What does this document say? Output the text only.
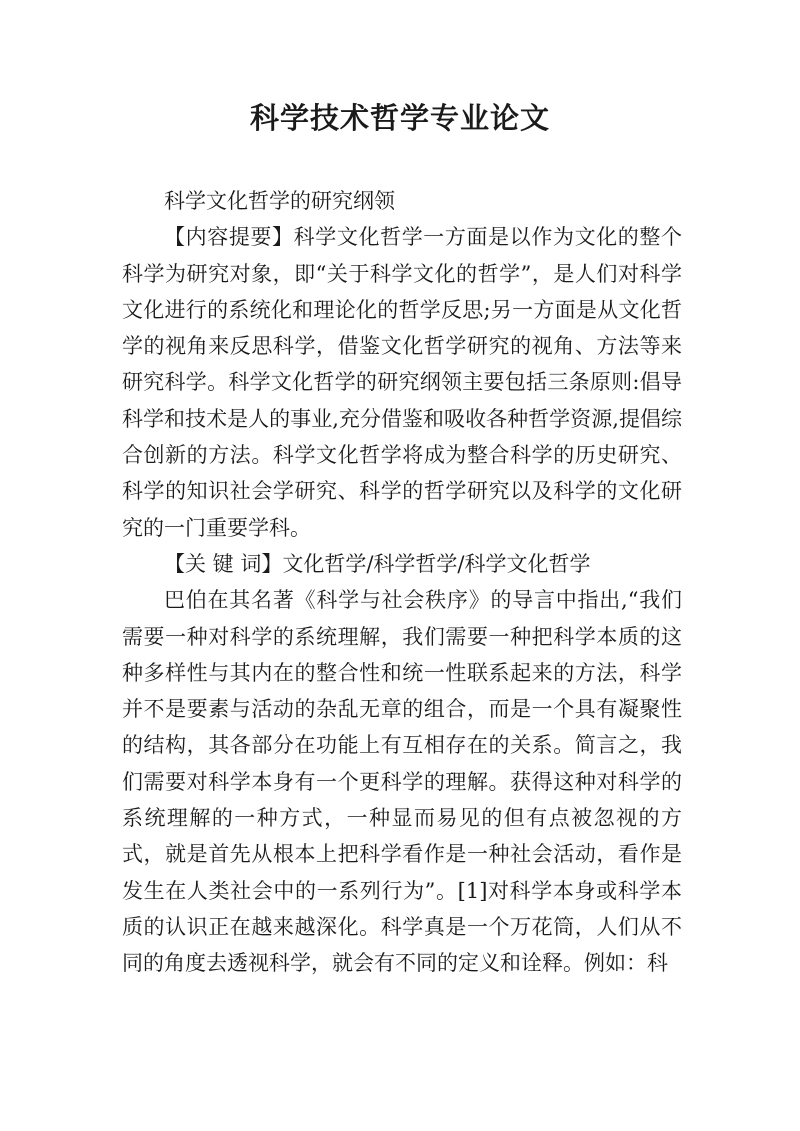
科学技术哲学专业论文

科学文化哲学的研究纲领

【内容提要】科学文化哲学一方面是以作为文化的整个科学为研究对象，即“关于科学文化的哲学”，是人们对科学文化进行的系统化和理论化的哲学反思;另一方面是从文化哲学的视角来反思科学，借鉴文化哲学研究的视角、方法等来研究科学。科学文化哲学的研究纲领主要包括三条原则:倡导科学和技术是人的事业,充分借鉴和吸收各种哲学资源,提倡综合创新的方法。科学文化哲学将成为整合科学的历史研究、科学的知识社会学研究、科学的哲学研究以及科学的文化研究的一门重要学科。

【关 键 词】文化哲学/科学哲学/科学文化哲学

巴伯在其名著《科学与社会秩序》的导言中指出,“我们需要一种对科学的系统理解，我们需要一种把科学本质的这种多样性与其内在的整合性和统一性联系起来的方法，科学并不是要素与活动的杂乱无章的组合，而是一个具有凝聚性的结构，其各部分在功能上有互相存在的关系。简言之，我们需要对科学本身有一个更科学的理解。获得这种对科学的系统理解的一种方式，一种显而易见的但有点被忽视的方式，就是首先从根本上把科学看作是一种社会活动，看作是发生在人类社会中的一系列行为”。[1]对科学本身或科学本质的认识正在越来越深化。科学真是一个万花筒，人们从不同的角度去透视科学，就会有不同的定义和诠释。例如：科
